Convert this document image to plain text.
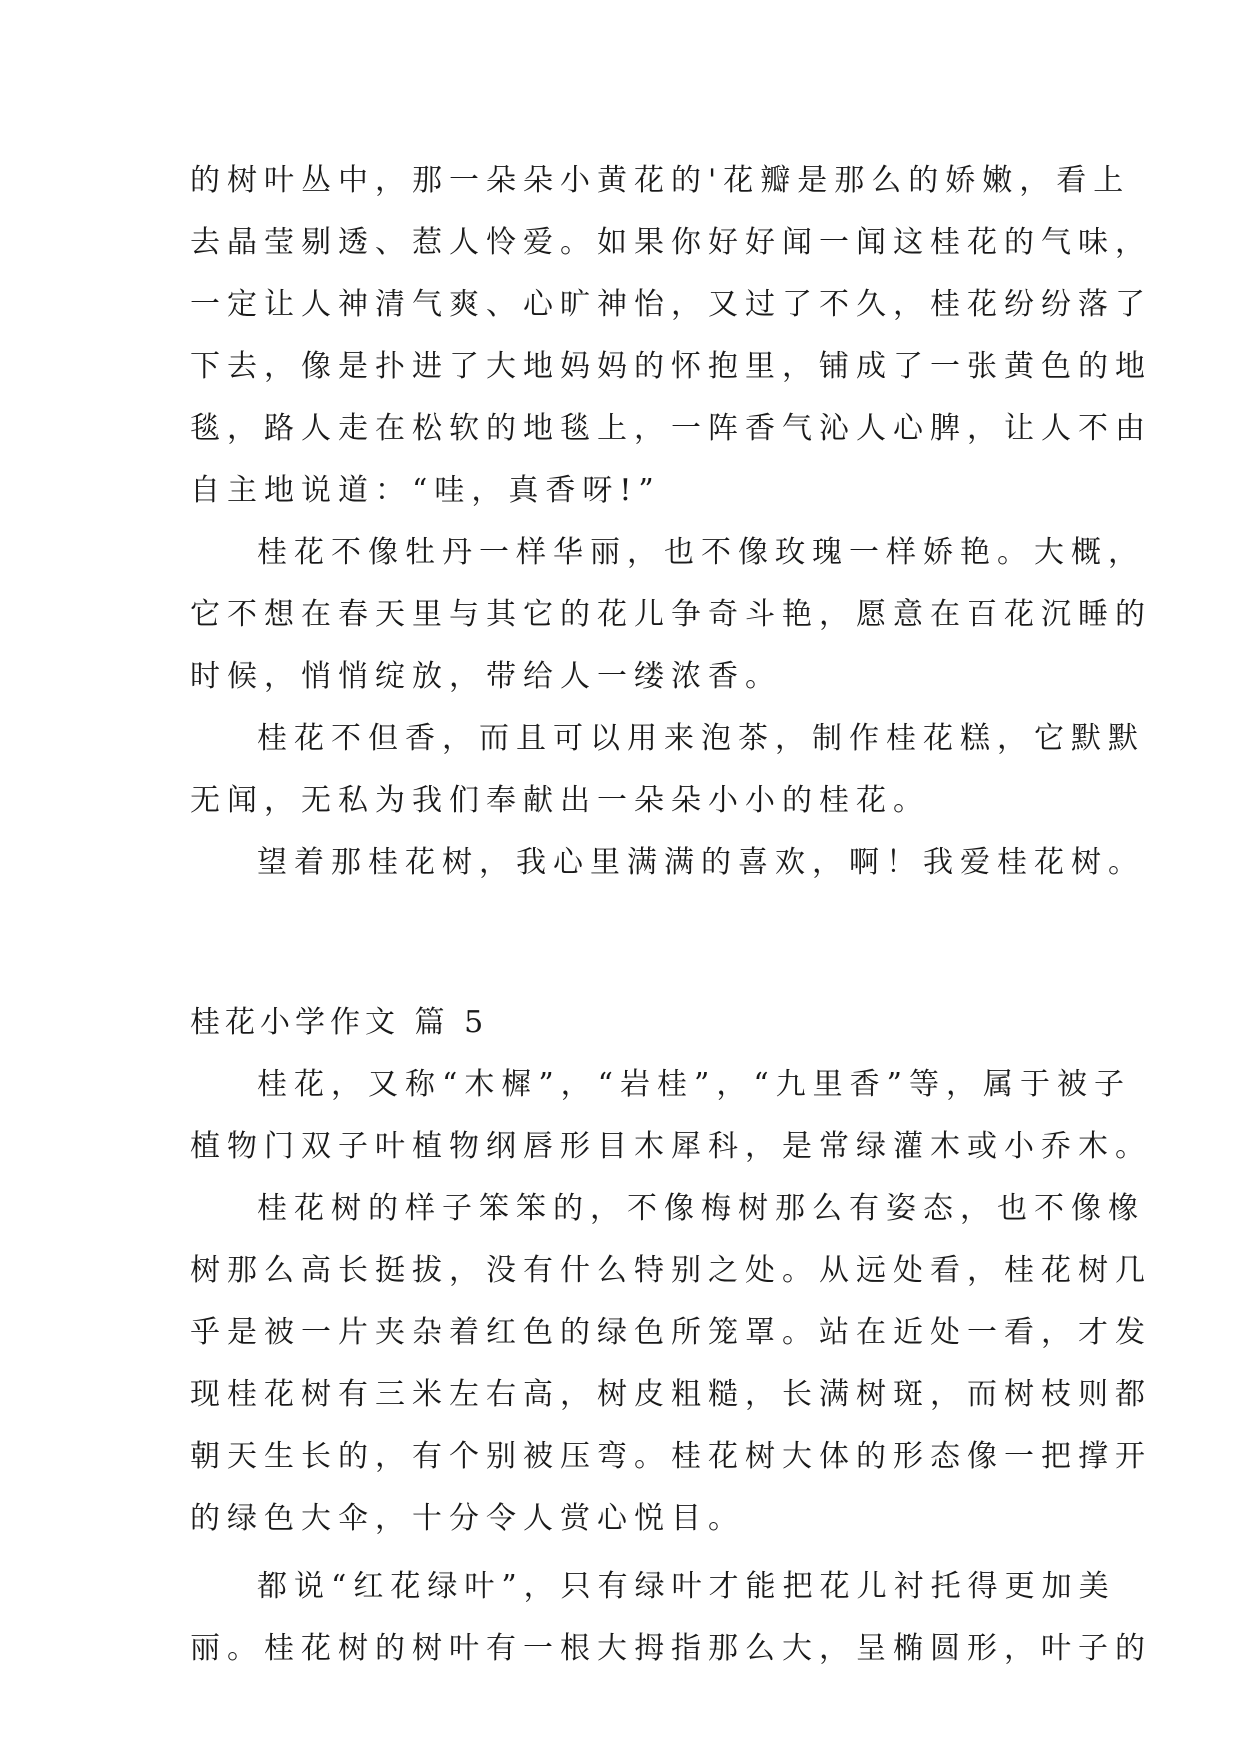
的树叶丛中，那一朵朵小黄花的'花瓣是那么的娇嫩，看上
去晶莹剔透、惹人怜爱。如果你好好闻一闻这桂花的气味，
一定让人神清气爽、心旷神怡，又过了不久，桂花纷纷落了
下去，像是扑进了大地妈妈的怀抱里，铺成了一张黄色的地
毯，路人走在松软的地毯上，一阵香气沁人心脾，让人不由
自主地说道：“哇，真香呀!”
桂花不像牡丹一样华丽，也不像玫瑰一样娇艳。大概，
它不想在春天里与其它的花儿争奇斗艳，愿意在百花沉睡的
时候，悄悄绽放，带给人一缕浓香。
桂花不但香，而且可以用来泡茶，制作桂花糕，它默默
无闻，无私为我们奉献出一朵朵小小的桂花。
望着那桂花树，我心里满满的喜欢，啊！我爱桂花树。
桂花小学作文 篇 5
桂花，又称“木樨”，“岩桂”，“九里香”等，属于被子
植物门双子叶植物纲唇形目木犀科，是常绿灌木或小乔木。
桂花树的样子笨笨的，不像梅树那么有姿态，也不像橡
树那么高长挺拔，没有什么特别之处。从远处看，桂花树几
乎是被一片夹杂着红色的绿色所笼罩。站在近处一看，才发
现桂花树有三米左右高，树皮粗糙，长满树斑，而树枝则都
朝天生长的，有个别被压弯。桂花树大体的形态像一把撑开
的绿色大伞，十分令人赏心悦目。
都说“红花绿叶”，只有绿叶才能把花儿衬托得更加美
丽。桂花树的树叶有一根大拇指那么大，呈椭圆形，叶子的
